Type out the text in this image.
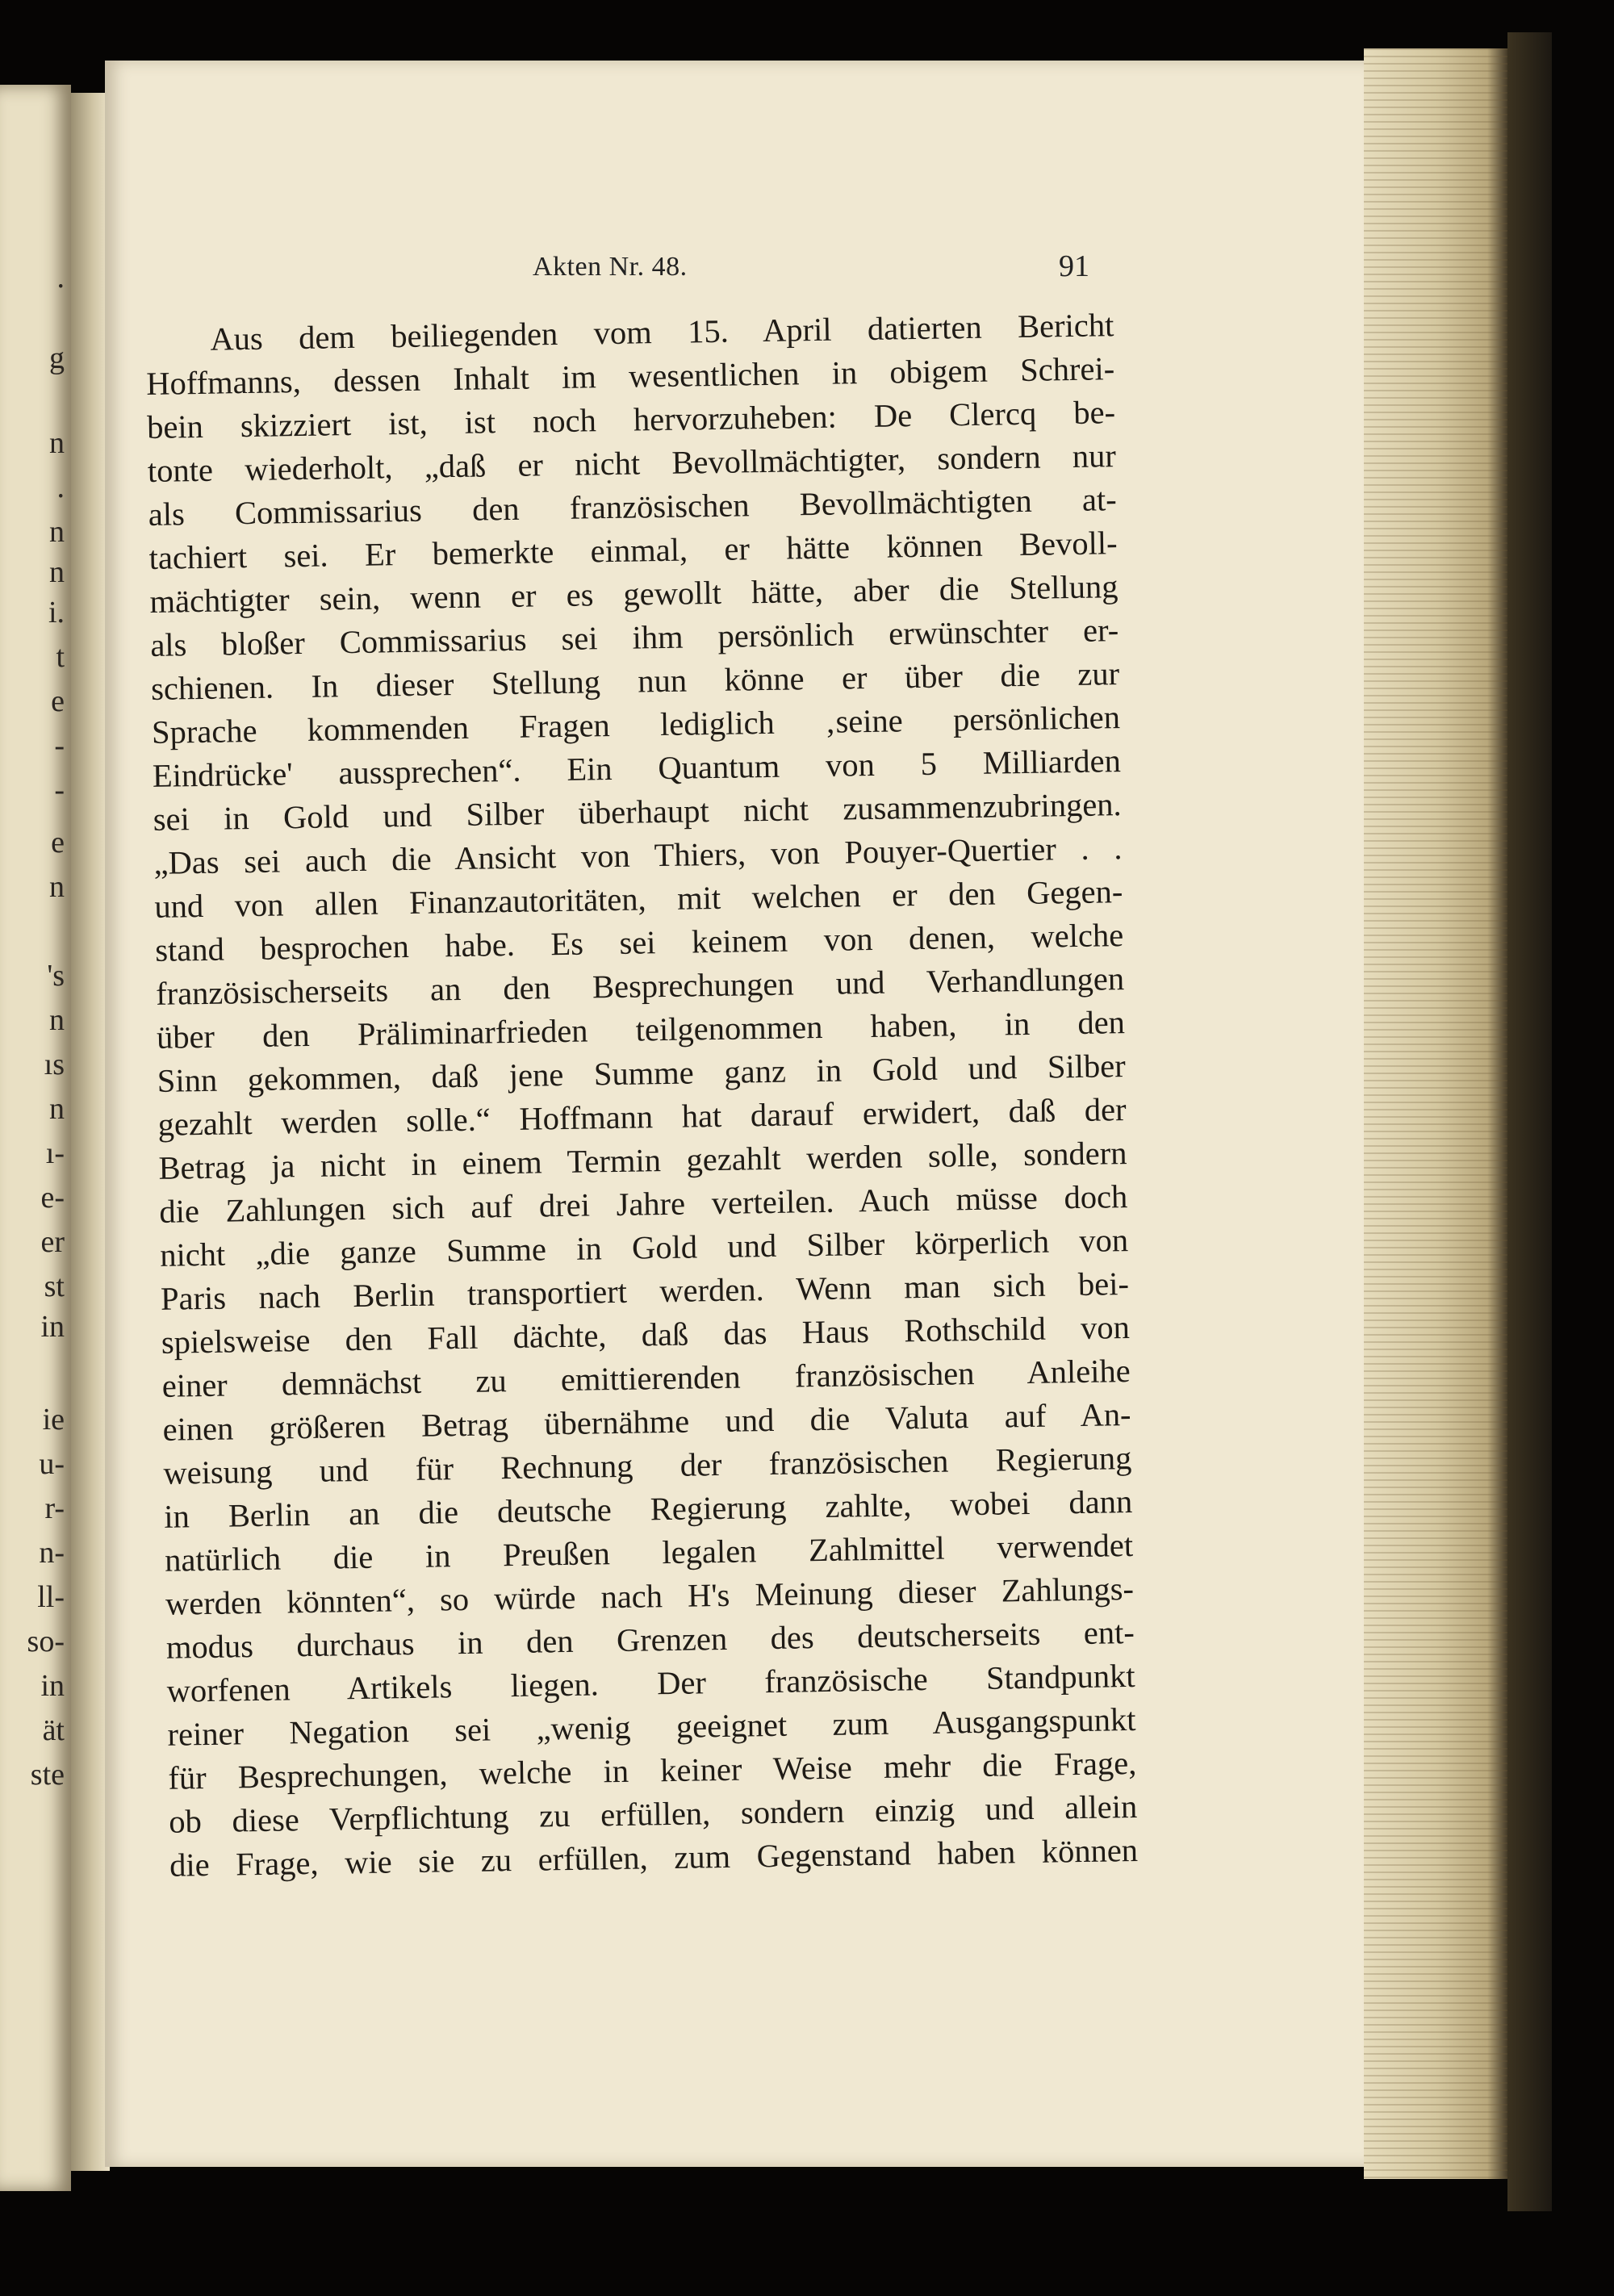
.
g
n
.
n
n
i.
t
e
-
-
e
n
's
n
ıs
n
ı-
e-
er
st
in
ie
u-
r-
n-
ll-
so-
in
ät
ste
Akten Nr. 48.	91
Aus dem beiliegenden vom 15. April datierten Bericht
Hoffmanns, dessen Inhalt im wesentlichen in obigem Schrei-
bein skizziert ist, ist noch hervorzuheben: De Clercq be-
tonte wiederholt, „daß er nicht Bevollmächtigter, sondern nur
als Commissarius den französischen Bevollmächtigten at-
tachiert sei. Er bemerkte einmal, er hätte können Bevoll-
mächtigter sein, wenn er es gewollt hätte, aber die Stellung
als bloßer Commissarius sei ihm persönlich erwünschter er-
schienen. In dieser Stellung nun könne er über die zur
Sprache kommenden Fragen lediglich ‚seine persönlichen
Eindrücke' aussprechen“. Ein Quantum von 5 Milliarden
sei in Gold und Silber überhaupt nicht zusammenzubringen.
„Das sei auch die Ansicht von Thiers, von Pouyer-Quertier . .
und von allen Finanzautoritäten, mit welchen er den Gegen-
stand besprochen habe. Es sei keinem von denen, welche
französischerseits an den Besprechungen und Verhandlungen
über den Präliminarfrieden teilgenommen haben, in den
Sinn gekommen, daß jene Summe ganz in Gold und Silber
gezahlt werden solle.“ Hoffmann hat darauf erwidert, daß der
Betrag ja nicht in einem Termin gezahlt werden solle, sondern
die Zahlungen sich auf drei Jahre verteilen. Auch müsse doch
nicht „die ganze Summe in Gold und Silber körperlich von
Paris nach Berlin transportiert werden. Wenn man sich bei-
spielsweise den Fall dächte, daß das Haus Rothschild von
einer demnächst zu emittierenden französischen Anleihe
einen größeren Betrag übernähme und die Valuta auf An-
weisung und für Rechnung der französischen Regierung
in Berlin an die deutsche Regierung zahlte, wobei dann
natürlich die in Preußen legalen Zahlmittel verwendet
werden könnten“, so würde nach H's Meinung dieser Zahlungs-
modus durchaus in den Grenzen des deutscherseits ent-
worfenen Artikels liegen. Der französische Standpunkt
reiner Negation sei „wenig geeignet zum Ausgangspunkt
für Besprechungen, welche in keiner Weise mehr die Frage,
ob diese Verpflichtung zu erfüllen, sondern einzig und allein
die Frage, wie sie zu erfüllen, zum Gegenstand haben können
